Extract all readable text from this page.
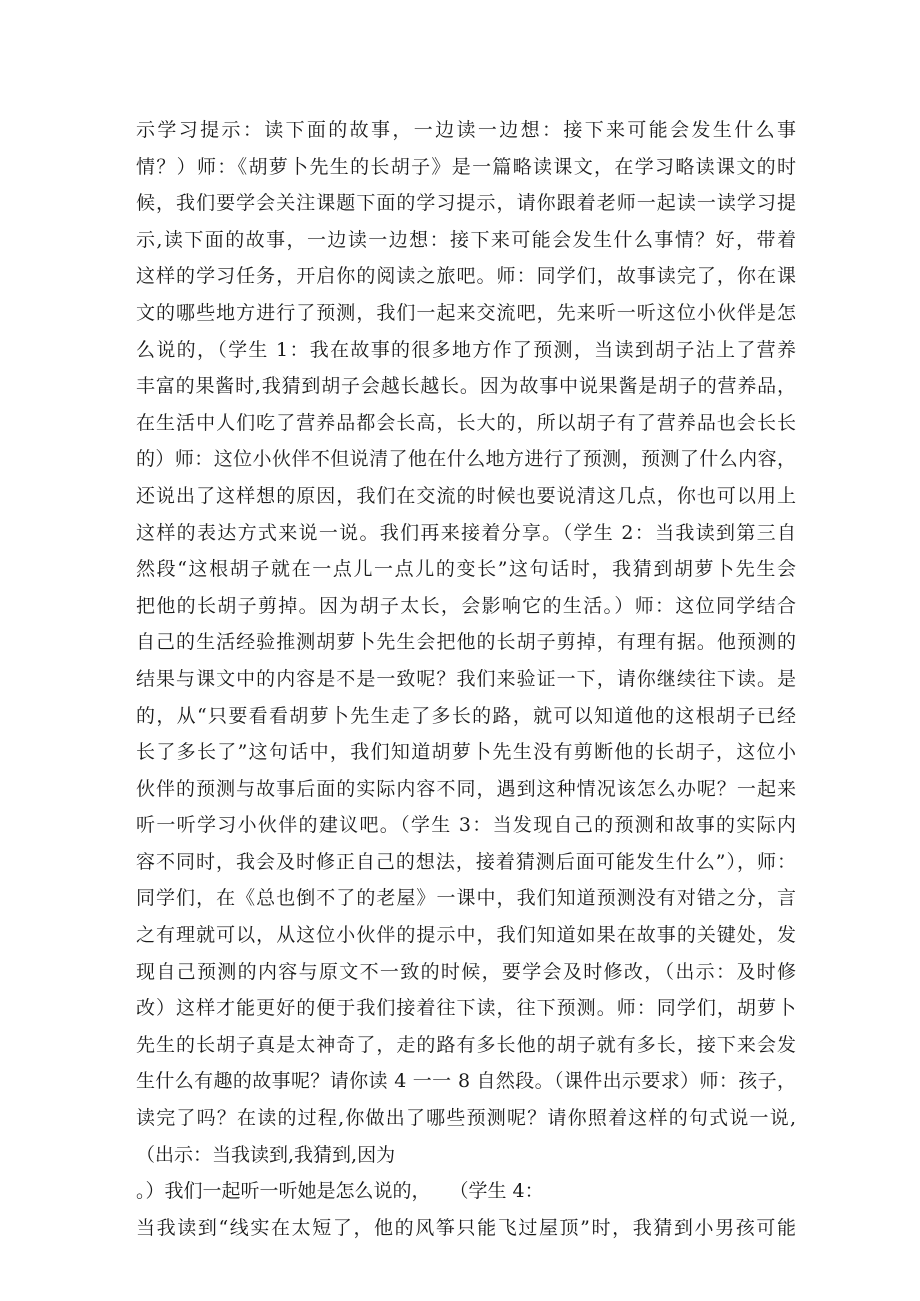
示学习提示：读下面的故事，一边读一边想：接下来可能会发生什么事
情？）师：《胡萝卜先生的长胡子》是一篇略读课文，在学习略读课文的时
候，我们要学会关注课题下面的学习提示，请你跟着老师一起读一读学习提
示,读下面的故事，一边读一边想：接下来可能会发生什么事情？好，带着
这样的学习任务，开启你的阅读之旅吧。师：同学们，故事读完了，你在课
文的哪些地方进行了预测，我们一起来交流吧，先来听一听这位小伙伴是怎
么说的，（学生 1：我在故事的很多地方作了预测，当读到胡子沾上了营养
丰富的果酱时,我猜到胡子会越长越长。因为故事中说果酱是胡子的营养品，
在生活中人们吃了营养品都会长高，长大的，所以胡子有了营养品也会长长
的）师：这位小伙伴不但说清了他在什么地方进行了预测，预测了什么内容，
还说出了这样想的原因，我们在交流的时候也要说清这几点，你也可以用上
这样的表达方式来说一说。我们再来接着分享。（学生 2：当我读到第三自
然段“这根胡子就在一点儿一点儿的变长”这句话时，我猜到胡萝卜先生会
把他的长胡子剪掉。因为胡子太长，会影响它的生活。）师：这位同学结合
自己的生活经验推测胡萝卜先生会把他的长胡子剪掉，有理有据。他预测的
结果与课文中的内容是不是一致呢？我们来验证一下，请你继续往下读。是
的，从“只要看看胡萝卜先生走了多长的路，就可以知道他的这根胡子已经
长了多长了”这句话中，我们知道胡萝卜先生没有剪断他的长胡子，这位小
伙伴的预测与故事后面的实际内容不同，遇到这种情况该怎么办呢？一起来
听一听学习小伙伴的建议吧。（学生 3：当发现自己的预测和故事的实际内
容不同时，我会及时修正自己的想法，接着猜测后面可能发生什么”），师：
同学们，在《总也倒不了的老屋》一课中，我们知道预测没有对错之分，言
之有理就可以，从这位小伙伴的提示中，我们知道如果在故事的关键处，发
现自己预测的内容与原文不一致的时候，要学会及时修改，（出示：及时修
改）这样才能更好的便于我们接着往下读，往下预测。师：同学们，胡萝卜
先生的长胡子真是太神奇了，走的路有多长他的胡子就有多长，接下来会发
生什么有趣的故事呢？请你读 4 一一 8 自然段。（课件出示要求）师：孩子，
读完了吗？在读的过程,你做出了哪些预测呢？请你照着这样的句式说一说,
（出示：当我读到,我猜到,因为
。）我们一起听一听她是怎么说的，　　（学生 4：
当我读到“线实在太短了，他的风筝只能飞过屋顶”时，我猜到小男孩可能
